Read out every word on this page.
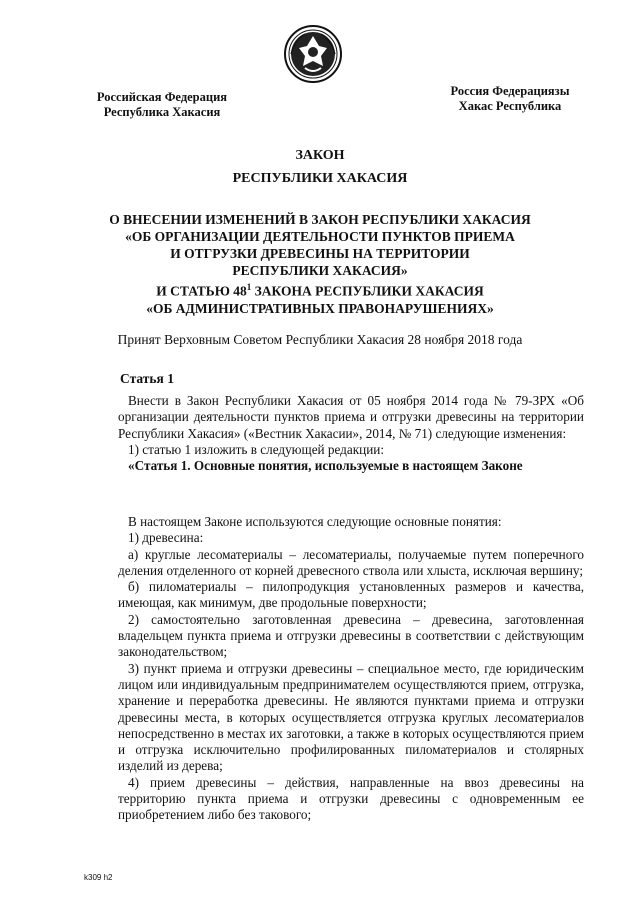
Российская Федерация
Республика Хакасия
Россия Федерациязы
Хакас Республика
ЗАКОН
РЕСПУБЛИКИ ХАКАСИЯ
О ВНЕСЕНИИ ИЗМЕНЕНИЙ В ЗАКОН РЕСПУБЛИКИ ХАКАСИЯ
«ОБ ОРГАНИЗАЦИИ ДЕЯТЕЛЬНОСТИ ПУНКТОВ ПРИЕМА
И ОТГРУЗКИ ДРЕВЕСИНЫ НА ТЕРРИТОРИИ
РЕСПУБЛИКИ ХАКАСИЯ»
И СТАТЬЮ $48^1$ ЗАКОНА РЕСПУБЛИКИ ХАКАСИЯ
«ОБ АДМИНИСТРАТИВНЫХ ПРАВОНАРУШЕНИЯХ»
Принят Верховным Советом Республики Хакасия 28 ноября 2018 года
Статья 1

Внести в Закон Республики Хакасия от 05 ноября 2014 года № 79-ЗРХ «Об организации деятельности пунктов приема и отгрузки древесины на территории Республики Хакасия» («Вестник Хакасии», 2014, № 71) следующие изменения:

1) статью 1 изложить в следующей редакции:

«Статья 1. Основные понятия, используемые в настоящем Законе

В настоящем Законе используются следующие основные понятия:

1) древесина:

а) круглые лесоматериалы – лесоматериалы, получаемые путем поперечного деления отделенного от корней древесного ствола или хлыста, исключая вершину;

б) пиломатериалы – пилопродукция установленных размеров и качества, имеющая, как минимум, две продольные поверхности;

2) самостоятельно заготовленная древесина – древесина, заготовленная владельцем пункта приема и отгрузки древесины в соответствии с действующим законодательством;

3) пункт приема и отгрузки древесины – специальное место, где юридическим лицом или индивидуальным предпринимателем осуществляются прием, отгрузка, хранение и переработка древесины. Не являются пунктами приема и отгрузки древесины места, в которых осуществляется отгрузка круглых лесоматериалов непосредственно в местах их заготовки, а также в которых осуществляются прием и отгрузка исключительно профилированных пиломатериалов и столярных изделий из дерева;

4) прием древесины – действия, направленные на ввоз древесины на территорию пункта приема и отгрузки древесины с одновременным ее приобретением либо без такового;

k309 h2
